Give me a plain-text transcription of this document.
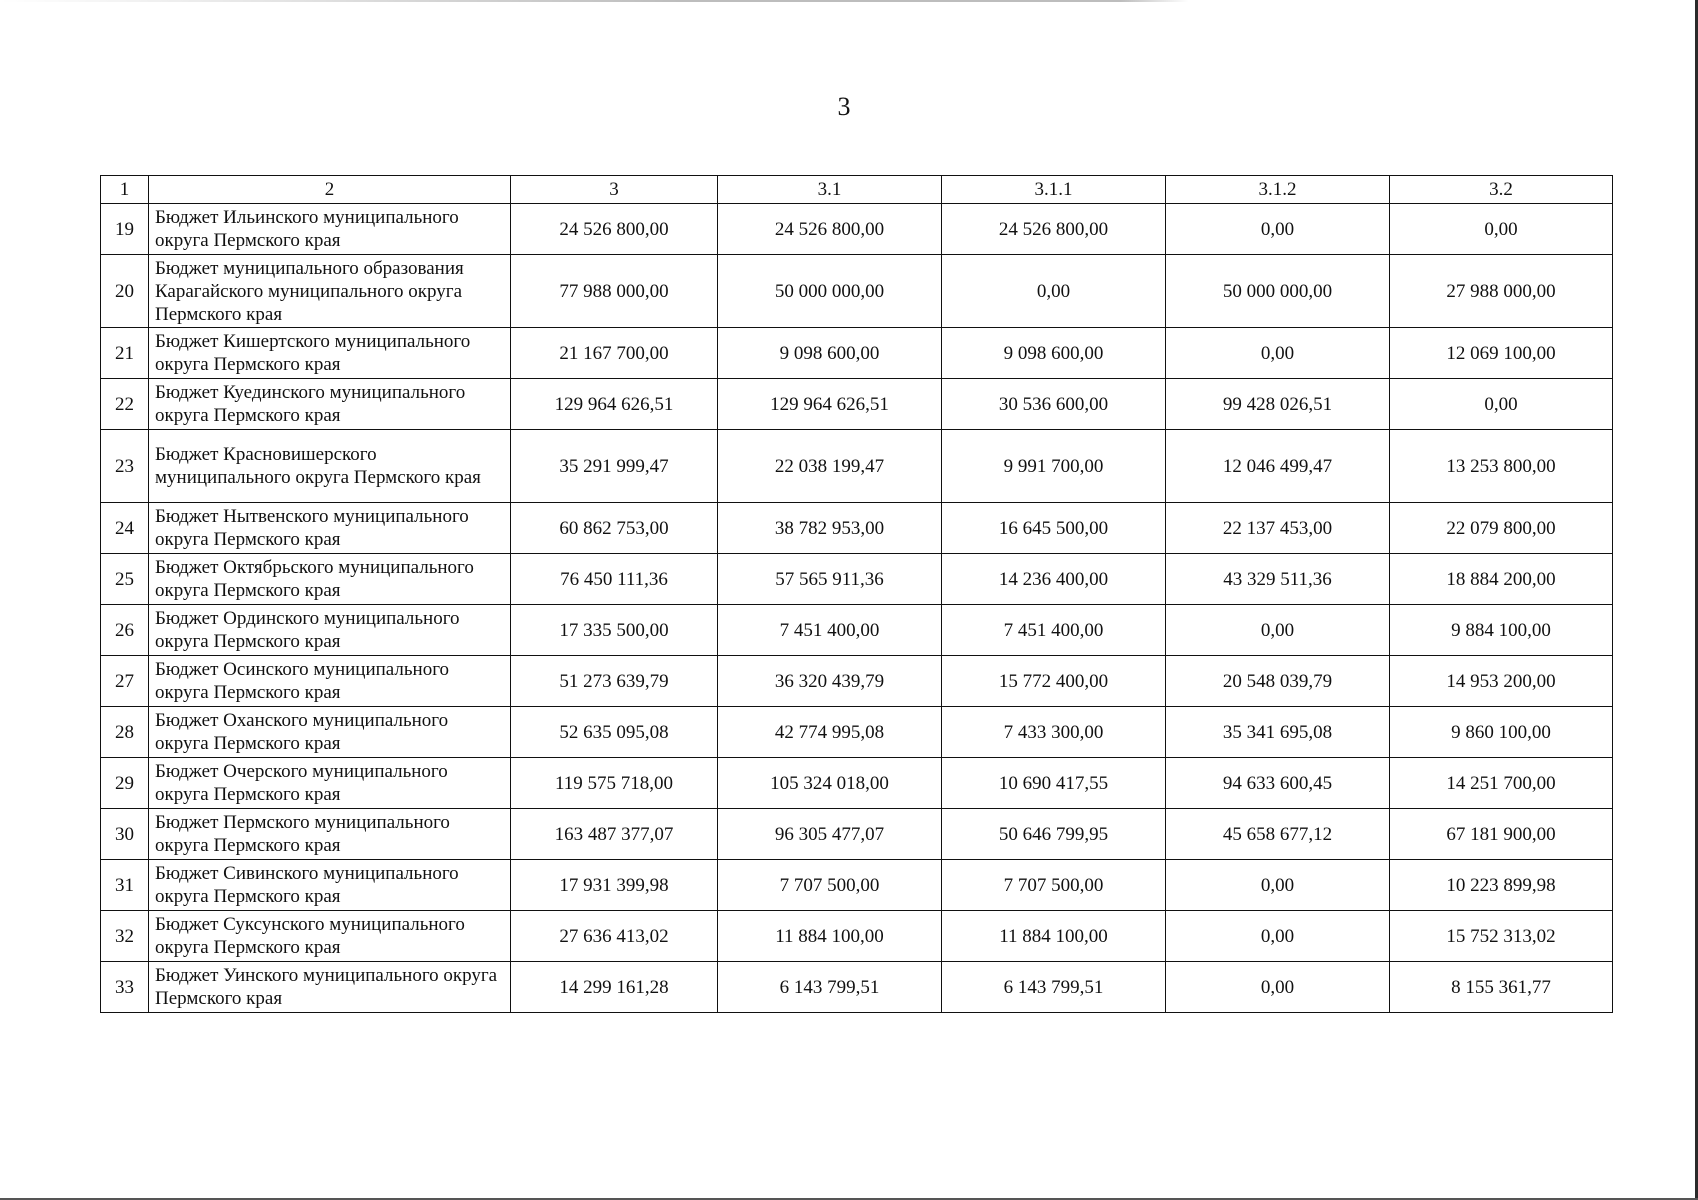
3
1	2	3	3.1	3.1.1	3.1.2	3.2
19	Бюджет Ильинского муниципального округа Пермского края	24 526 800,00	24 526 800,00	24 526 800,00	0,00	0,00
20	Бюджет муниципального образования Карагайского муниципального округа Пермского края	77 988 000,00	50 000 000,00	0,00	50 000 000,00	27 988 000,00
21	Бюджет Кишертского муниципального округа Пермского края	21 167 700,00	9 098 600,00	9 098 600,00	0,00	12 069 100,00
22	Бюджет Куединского муниципального округа Пермского края	129 964 626,51	129 964 626,51	30 536 600,00	99 428 026,51	0,00
23	Бюджет Красновишерского муниципального округа Пермского края	35 291 999,47	22 038 199,47	9 991 700,00	12 046 499,47	13 253 800,00
24	Бюджет Нытвенского муниципального округа Пермского края	60 862 753,00	38 782 953,00	16 645 500,00	22 137 453,00	22 079 800,00
25	Бюджет Октябрьского муниципального округа Пермского края	76 450 111,36	57 565 911,36	14 236 400,00	43 329 511,36	18 884 200,00
26	Бюджет Ординского муниципального округа Пермского края	17 335 500,00	7 451 400,00	7 451 400,00	0,00	9 884 100,00
27	Бюджет Осинского муниципального округа Пермского края	51 273 639,79	36 320 439,79	15 772 400,00	20 548 039,79	14 953 200,00
28	Бюджет Оханского муниципального округа Пермского края	52 635 095,08	42 774 995,08	7 433 300,00	35 341 695,08	9 860 100,00
29	Бюджет Очерского муниципального округа Пермского края	119 575 718,00	105 324 018,00	10 690 417,55	94 633 600,45	14 251 700,00
30	Бюджет Пермского муниципального округа Пермского края	163 487 377,07	96 305 477,07	50 646 799,95	45 658 677,12	67 181 900,00
31	Бюджет Сивинского муниципального округа Пермского края	17 931 399,98	7 707 500,00	7 707 500,00	0,00	10 223 899,98
32	Бюджет Суксунского муниципального округа Пермского края	27 636 413,02	11 884 100,00	11 884 100,00	0,00	15 752 313,02
33	Бюджет Уинского муниципального округа Пермского края	14 299 161,28	6 143 799,51	6 143 799,51	0,00	8 155 361,77
